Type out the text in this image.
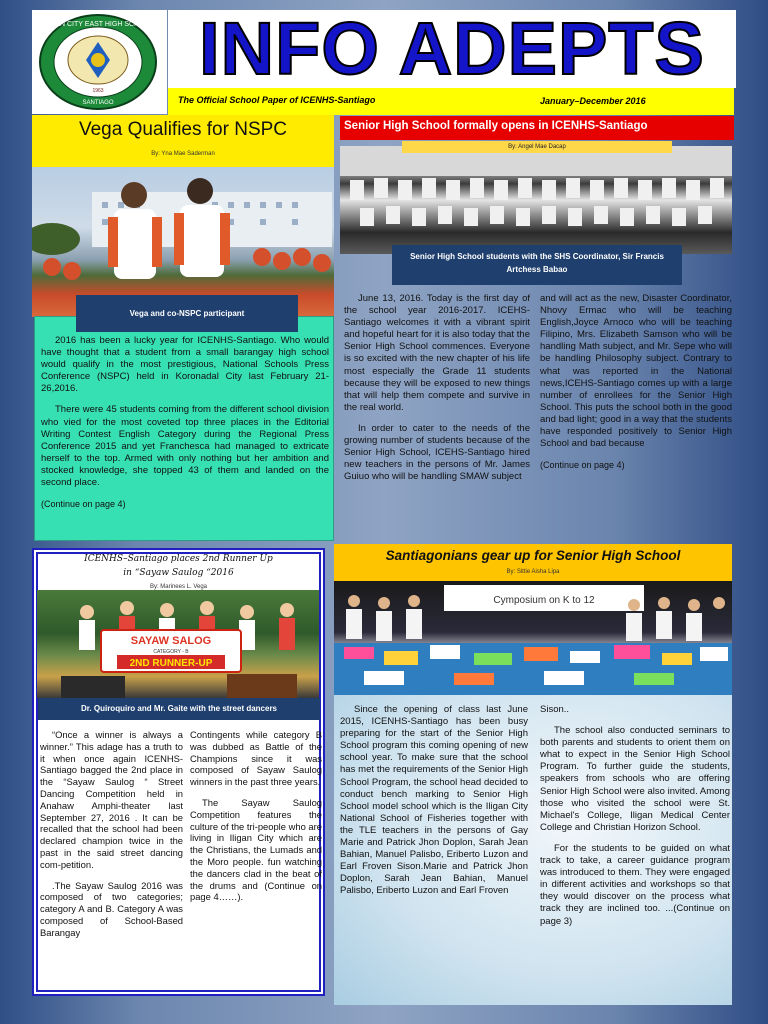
ILIGAN CITY EAST HIGH SCHOOL
SANTIAGO
1963
INFO ADEPTS
The Official School Paper of ICENHS-Santiago	January–December 2016
Vega Qualifies for NSPC
By: Yna Mae Saderman

2016 has been a lucky year for ICENHS-Santiago. Who would have thought that a student from a small barangay high school would qualify in the most prestigious, National Schools Press Conference (NSPC) held in Koronadal City last February 21-26,2016.

There were 45 students coming from the different school division who vied for the most coveted top three places in the Editorial Writing Contest English Category during the Regional Press Conference 2015 and yet Franchesca had managed to extricate herself to the top. Armed with only nothing but her ambition and stocked knowledge, she topped 43 of them and landed on the second place.

(Continue on page 4)

Vega and co-NSPC participant
Senior High School formally opens in ICENHS-Santiago
By: Angel Mae Dacap
Senior High School students with the SHS Coordinator, Sir Francis Artchess Babao

June 13, 2016. Today is the first day of the school year 2016-2017. ICEHS-Santiago welcomes it with a vibrant spirit and hopeful heart for it is also today that the Senior High School commences. Everyone is so excited with the new chapter of his life most especially the Grade 11 students because they will be exposed to new things that will help them compete and survive in the real world.

In order to cater to the needs of the growing number of students because of the Senior High School, ICEHS-Santiago hired new teachers in the persons of Mr. James Guiuo who will be handling SMAW subject

and will act as the new, Disaster Coordinator, Nhovy Ermac who will be teaching English,Joyce Arnoco who will be teaching Filipino, Mrs. Elizabeth Samson who will be handling Math subject, and Mr. Sepe who will be handling Philosophy subject. Contrary to what was reported in the National news,ICEHS-Santiago comes up with a large number of enrollees for the Senior High School. This puts the school both in the good and bad light; good in a way that the students have responded positively to Senior High School and bad because

(Continue on page 4)

ICENHS–Santiago places 2nd Runner Up
in “Sayaw Saulog “2016
By: Marinees L. Vega
SAYAW SALOG
CATEGORY - B
2ND RUNNER-UP
Dr. Quiroquiro and Mr. Gaite with the street dancers

“Once a winner is always a winner.” This adage has a truth to it when once again ICENHS-Santiago bagged the 2nd place in the “Sayaw Saulog “ Street Dancing Competition held in Anahaw Amphi-theater last September 27, 2016 . It can be recalled that the school had been declared champion twice in the past in the said street dancing com-petition.

.The Sayaw Saulog 2016 was composed of two categories; category A and B. Category A was composed of School-Based Barangay

Contingents while category B was dubbed as Battle of the Champions since it was composed of Sayaw Saulog winners in the past three years.

The Sayaw Saulog Competition features the culture of the tri-people who are living in Iligan City which are the Christians, the Lumads and the Moro people. fun watching the dancers clad in the beat of the drums and (Continue on page 4……).

Santiagonians gear up for Senior High School
By: Sittie Aisha Lipa
Cymposium on K to 12

Since the opening of class last June 2015, ICENHS-Santiago has been busy preparing for the start of the Senior High School program this coming opening of new school year. To make sure that the school has met the requirements of the Senior High School Program, the school head decided to conduct bench marking to Senior High School model school which is the Iligan City National School of Fisheries together with the TLE teachers in the persons of Gay Marie and Patrick Jhon Doplon, Sarah Jean Bahian, Manuel Palisbo, Eriberto Luzon and Earl Froven Sison.Marie and Patrick Jhon Doplon, Sarah Jean Bahian, Manuel Palisbo, Eriberto Luzon and Earl Froven

Sison..

The school also conducted seminars to both parents and students to orient them on what to expect in the Senior High School Program. To further guide the students, speakers from schools who are offering Senior High School were also invited. Among those who visited the school were St. Michael's College, Iligan Medical Center College and Christian Horizon School.

For the students to be guided on what track to take, a career guidance program was introduced to them. They were engaged in different activities and workshops so that they would discover on the process what track they are inclined too. ...(Continue on page 3)
